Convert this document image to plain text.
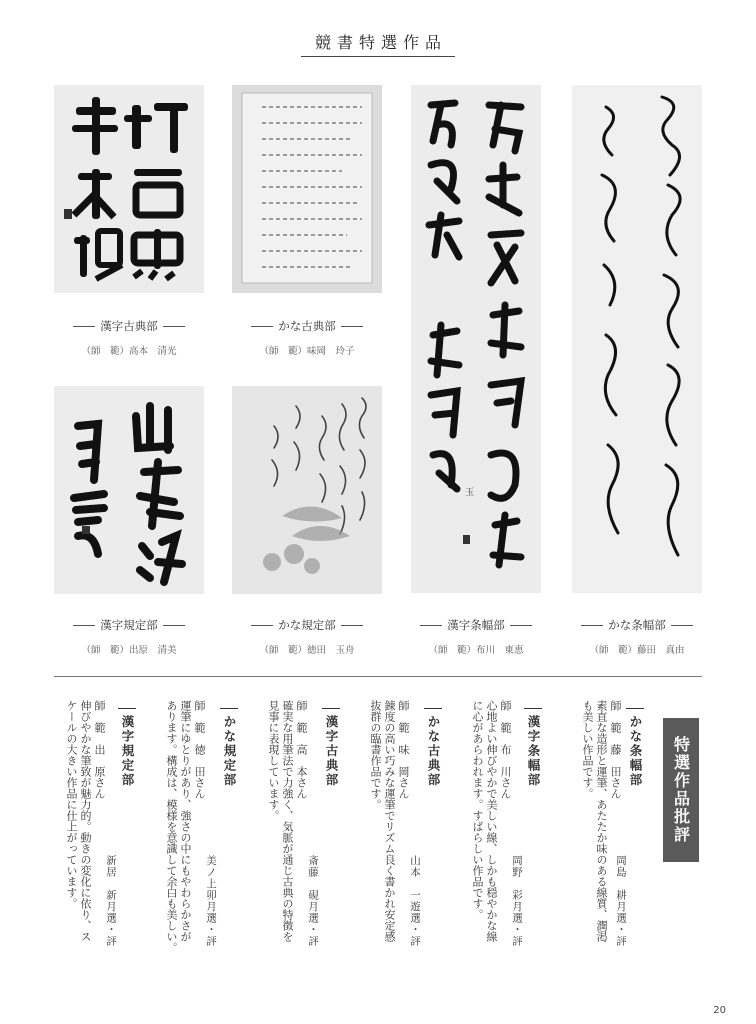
競書特選作品
漢字古典部
（師　範）高本　清光
かな古典部
（師　範）味岡　玲子
玉
漢字条幅部
（師　範）布川　東恵
かな条幅部
（師　範）藤田　真由
漢字規定部
（師　範）出原　清美
かな規定部
（師　範）徳田　玉舟
特選作品批評
かな条幅部
師　範　藤　田さん
素直な造形と運筆、あたたか味のある線質、潤渇
も美しい作品です。
岡島　耕月選・評
漢字条幅部
師　範　布　川さん
心地よい伸びやかで美しい線、しかも穏やかな線
に心があらわれます。すばらしい作品です。	岡野　彩月選・評
かな古典部
師　範　味　岡さん
錬度の高い巧みな運筆でリズム良く書かれ安定感
抜群の臨書作品です。
山本　一遊選・評
漢字古典部
師　範　高　本さん
確実な用筆法で力強く、気脈が通じ古典の特徴を
見事に表現しています。
斎藤　硯月選・評
かな規定部
師　範　徳　田さん
運筆にゆとりがあり、強さの中にもやわらかさが
あります。構成は、模様を意識して余白も美しい。	美ノ上卯月選・評
漢字規定部
師　範　出　原さん
伸びやかな筆致が魅力的。動きの変化に依り、ス
ケールの大きい作品に仕上がっています。	新居　新月選・評
20
